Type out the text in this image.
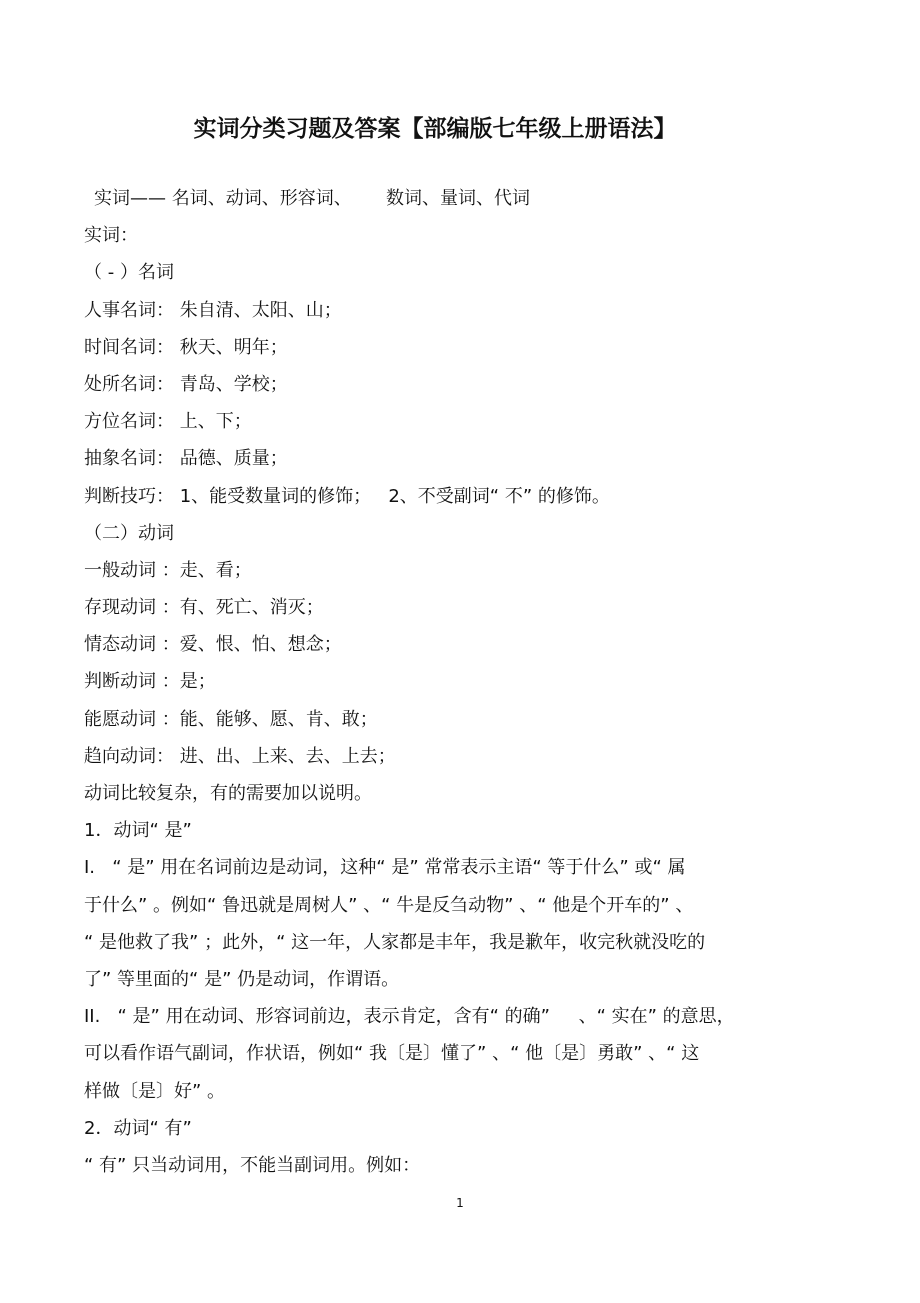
实词分类习题及答案【部编版七年级上册语法】
实词—— 名词、动词、形容词、      数词、量词、代词
实词：
（ - ）名词
人事名词： 朱自清、太阳、山；
时间名词： 秋天、明年；
处所名词： 青岛、学校；
方位名词： 上、下；
抽象名词： 品德、质量；
判断技巧： 1、能受数量词的修饰；   2、不受副词“ 不” 的修饰。
（二）动词
一般动词 ：走、看；
存现动词 ：有、死亡、消灭；
情态动词 ：爱、恨、怕、想念；
判断动词 ：是；
能愿动词 ：能、能够、愿、肯、敢；
趋向动词： 进、出、上来、去、上去；
动词比较复杂，有的需要加以说明。
1．动词“ 是”
I.   “ 是” 用在名词前边是动词，这种“ 是” 常常表示主语“ 等于什么” 或“ 属
于什么” 。例如“ 鲁迅就是周树人” 、“ 牛是反刍动物” 、“ 他是个开车的” 、
“ 是他救了我” ；此外，“ 这一年，人家都是丰年，我是歉年，收完秋就没吃的
了” 等里面的“ 是” 仍是动词，作谓语。
II.   “ 是” 用在动词、形容词前边，表示肯定，含有“ 的确”     、“ 实在” 的意思，
可以看作语气副词，作状语，例如“ 我〔是〕懂了” 、“ 他〔是〕勇敢” 、“ 这
样做〔是〕好” 。
2．动词“ 有”
“ 有” 只当动词用，不能当副词用。例如：
1
